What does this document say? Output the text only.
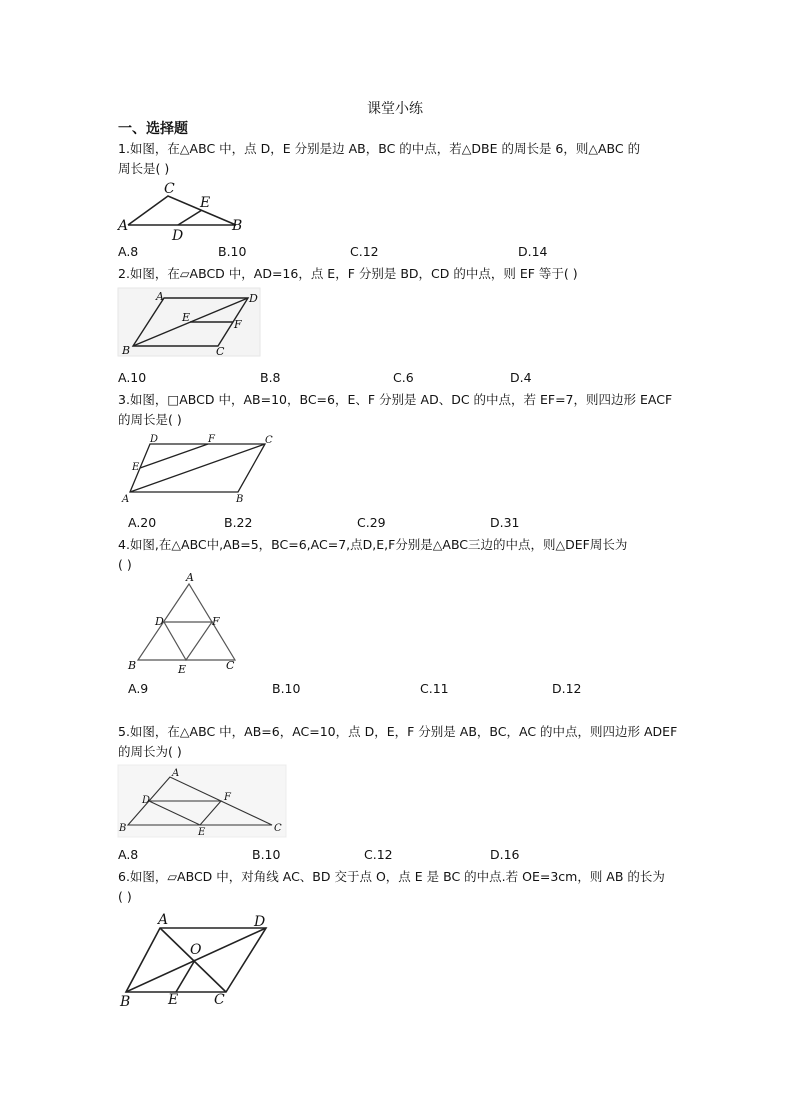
课堂小练
一、选择题
1.如图，在△ABC 中，点 D，E 分别是边 AB，BC 的中点，若△DBE 的周长是 6，则△ABC 的
周长是( )
A
C
E
D
B
A.8	B.10	C.12	D.14
2.如图，在▱ABCD 中，AD=16，点 E，F 分别是 BD，CD 的中点，则 EF 等于( )
A	D
E
F
B	C
A.10	B.8	C.6	D.4
3.如图，□ABCD 中，AB=10，BC=6，E、F 分别是 AD、DC 的中点，若 EF=7，则四边形 EACF
的周长是( )
D	F	C
E
A	B
A.20	B.22	C.29	D.31
4.如图,在△ABC中,AB=5，BC=6,AC=7,点D,E,F分别是△ABC三边的中点，则△DEF周长为
( )
A
D	F
B	E	C
A.9	B.10	C.11	D.12
5.如图，在△ABC 中，AB=6，AC=10，点 D，E，F 分别是 AB，BC，AC 的中点，则四边形 ADEF
的周长为( )
A
D	F
B	E	C
A.8	B.10	C.12	D.16
6.如图，▱ABCD 中，对角线 AC、BD 交于点 O，点 E 是 BC 的中点.若 OE=3cm，则 AB 的长为
( )
A	D
O
B	E	C
